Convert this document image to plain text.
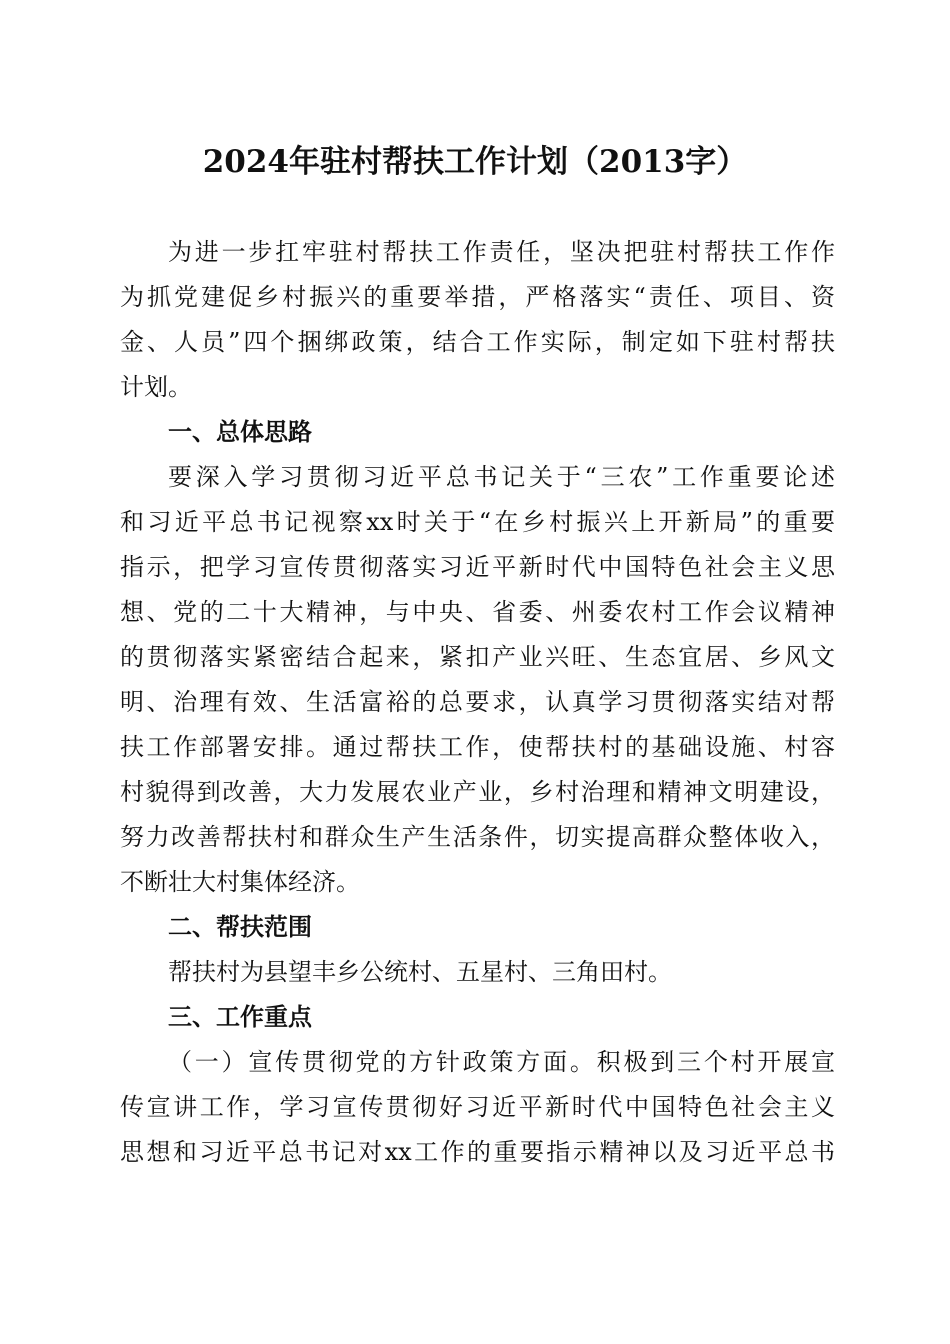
2024年驻村帮扶工作计划（2013字）
为进一步扛牢驻村帮扶工作责任，坚决把驻村帮扶工作作
为抓党建促乡村振兴的重要举措，严格落实“责任、项目、资
金、人员”四个捆绑政策，结合工作实际，制定如下驻村帮扶
计划。
一、总体思路
要深入学习贯彻习近平总书记关于“三农”工作重要论述
和习近平总书记视察xx时关于“在乡村振兴上开新局”的重要
指示，把学习宣传贯彻落实习近平新时代中国特色社会主义思
想、党的二十大精神，与中央、省委、州委农村工作会议精神
的贯彻落实紧密结合起来，紧扣产业兴旺、生态宜居、乡风文
明、治理有效、生活富裕的总要求，认真学习贯彻落实结对帮
扶工作部署安排。通过帮扶工作，使帮扶村的基础设施、村容
村貌得到改善，大力发展农业产业，乡村治理和精神文明建设，
努力改善帮扶村和群众生产生活条件，切实提高群众整体收入，
不断壮大村集体经济。
二、帮扶范围
帮扶村为县望丰乡公统村、五星村、三角田村。
三、工作重点
（一）宣传贯彻党的方针政策方面。积极到三个村开展宣
传宣讲工作，学习宣传贯彻好习近平新时代中国特色社会主义
思想和习近平总书记对xx工作的重要指示精神以及习近平总书
